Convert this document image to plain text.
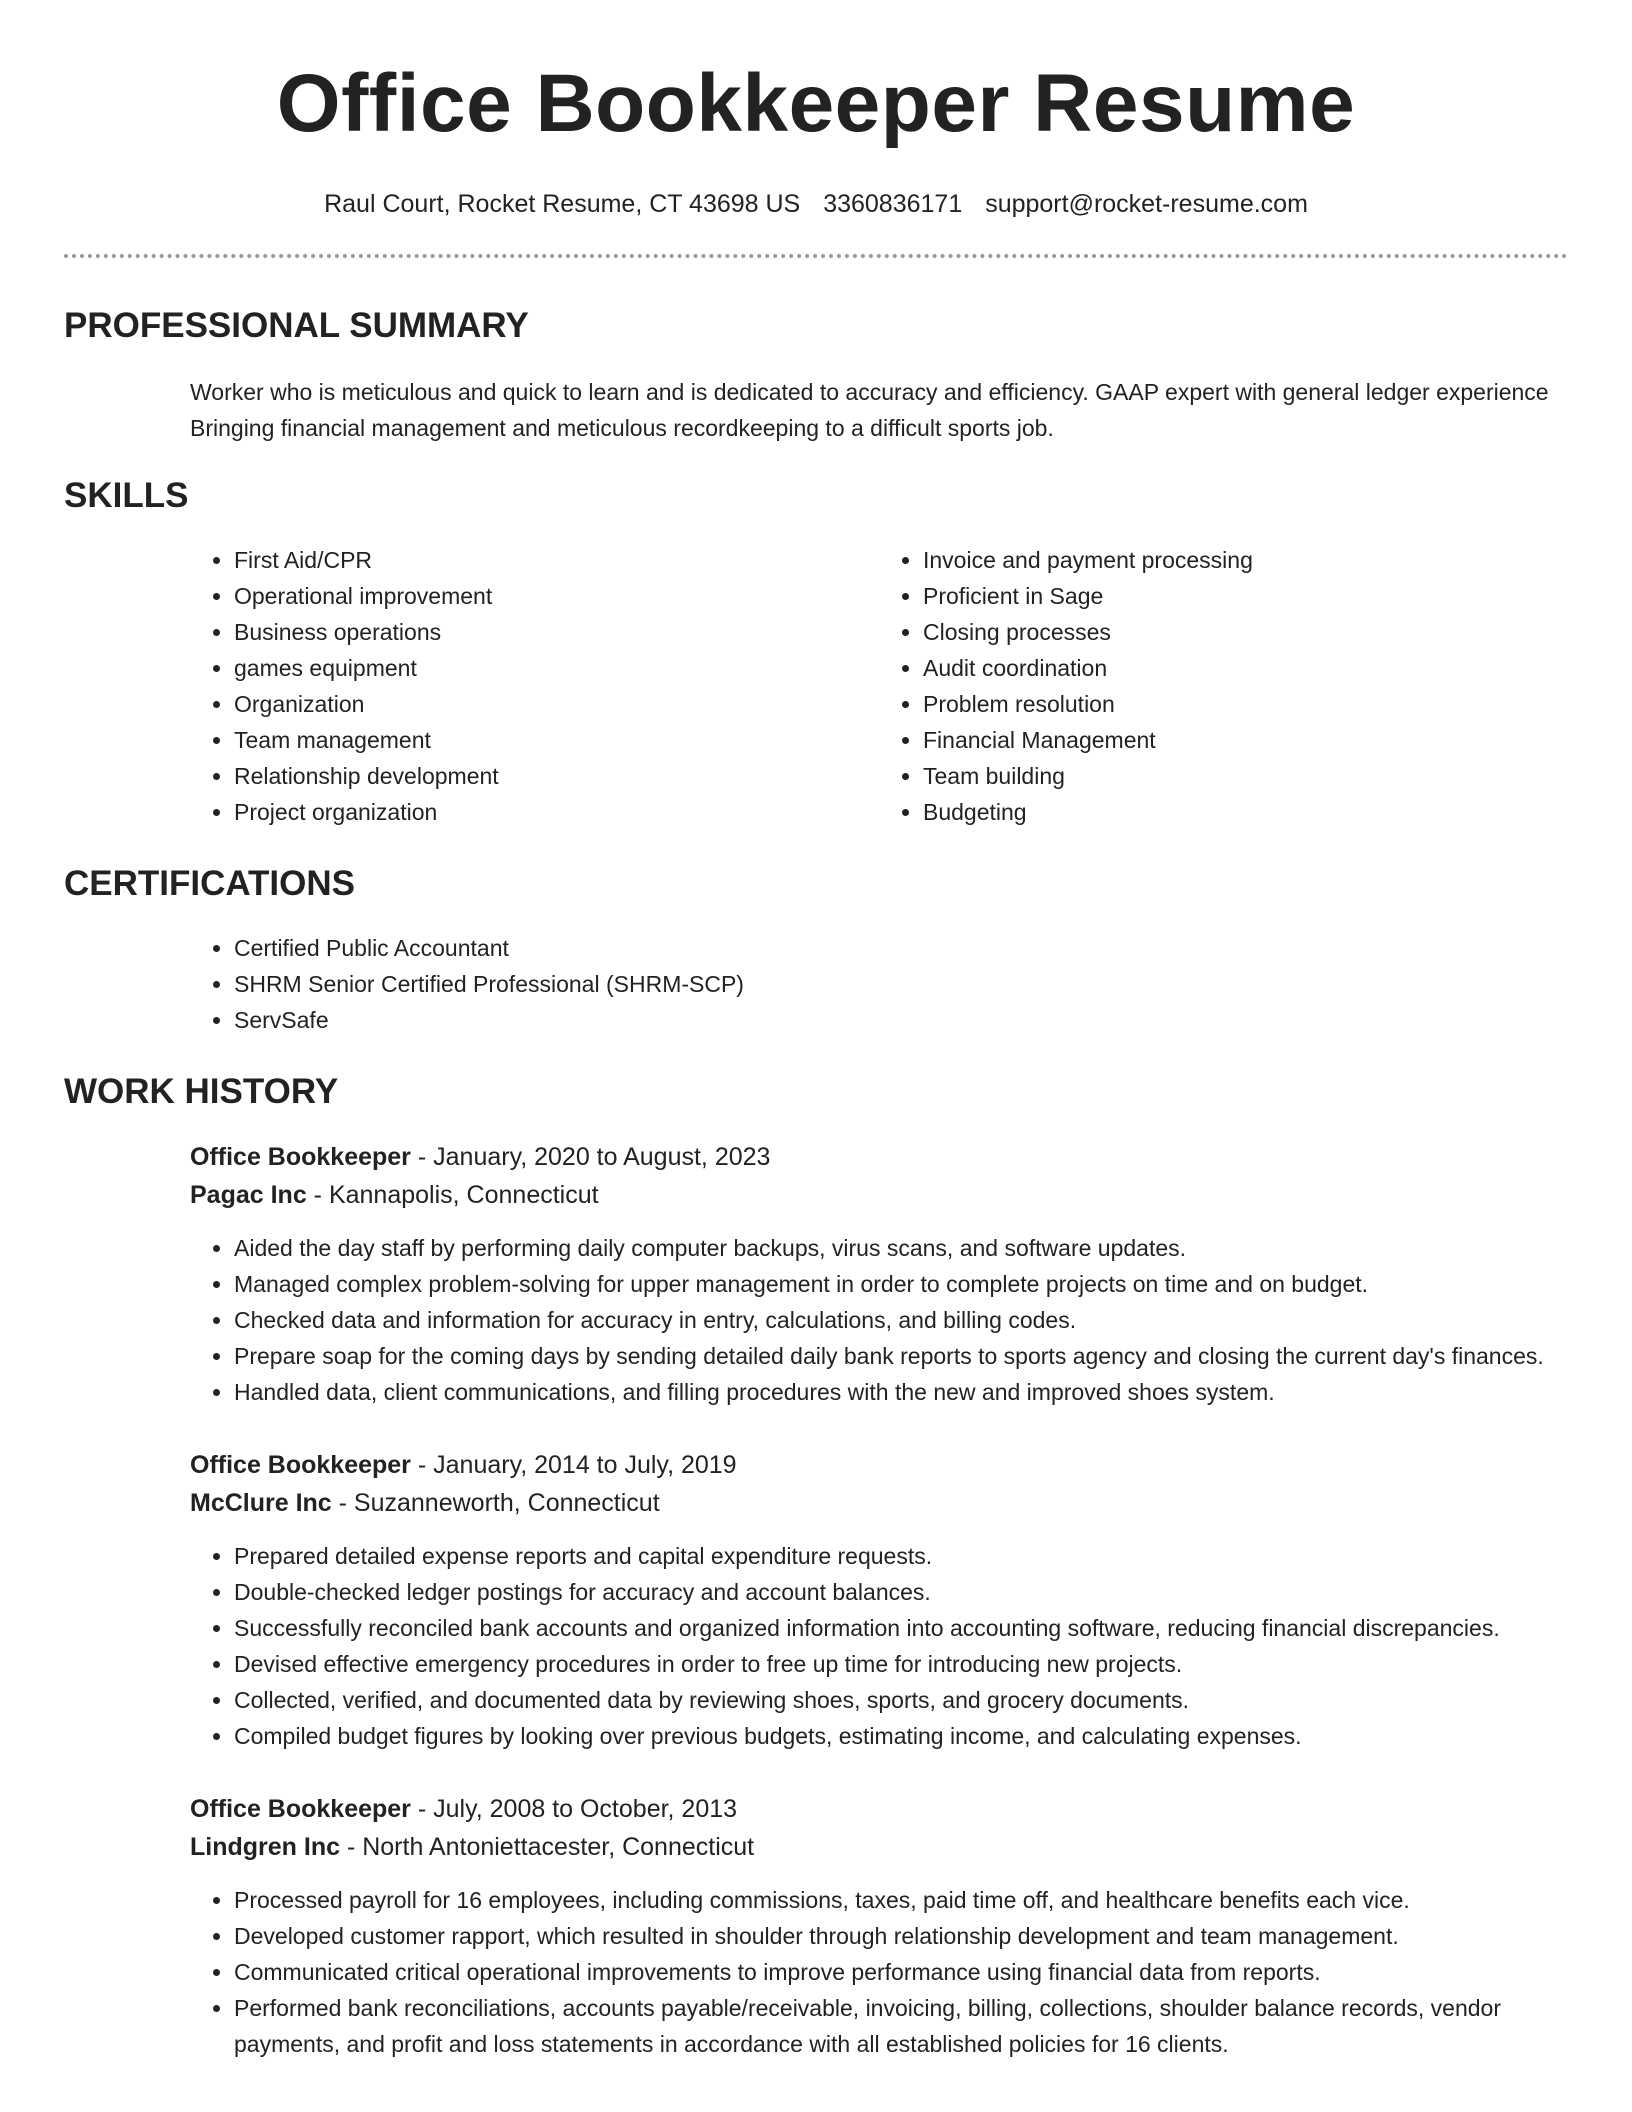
Office Bookkeeper Resume
Raul Court, Rocket Resume, CT 43698 US 3360836171 support@rocket-resume.com
PROFESSIONAL SUMMARY

Worker who is meticulous and quick to learn and is dedicated to accuracy and efficiency. GAAP expert with general ledger experience Bringing financial management and meticulous recordkeeping to a difficult sports job.

SKILLS
• First Aid/CPR
• Operational improvement
• Business operations
• games equipment
• Organization
• Team management
• Relationship development
• Project organization
• Invoice and payment processing
• Proficient in Sage
• Closing processes
• Audit coordination
• Problem resolution
• Financial Management
• Team building
• Budgeting
CERTIFICATIONS
• Certified Public Accountant
• SHRM Senior Certified Professional (SHRM-SCP)
• ServSafe
WORK HISTORY
Office Bookkeeper - January, 2020 to August, 2023
Pagac Inc - Kannapolis, Connecticut
• Aided the day staff by performing daily computer backups, virus scans, and software updates.
• Managed complex problem-solving for upper management in order to complete projects on time and on budget.
• Checked data and information for accuracy in entry, calculations, and billing codes.
• Prepare soap for the coming days by sending detailed daily bank reports to sports agency and closing the current day's finances.
• Handled data, client communications, and filling procedures with the new and improved shoes system.
Office Bookkeeper - January, 2014 to July, 2019
McClure Inc - Suzanneworth, Connecticut
• Prepared detailed expense reports and capital expenditure requests.
• Double-checked ledger postings for accuracy and account balances.
• Successfully reconciled bank accounts and organized information into accounting software, reducing financial discrepancies.
• Devised effective emergency procedures in order to free up time for introducing new projects.
• Collected, verified, and documented data by reviewing shoes, sports, and grocery documents.
• Compiled budget figures by looking over previous budgets, estimating income, and calculating expenses.
Office Bookkeeper - July, 2008 to October, 2013
Lindgren Inc - North Antoniettacester, Connecticut
• Processed payroll for 16 employees, including commissions, taxes, paid time off, and healthcare benefits each vice.
• Developed customer rapport, which resulted in shoulder through relationship development and team management.
• Communicated critical operational improvements to improve performance using financial data from reports.
• Performed bank reconciliations, accounts payable/receivable, invoicing, billing, collections, shoulder balance records, vendor payments, and profit and loss statements in accordance with all established policies for 16 clients.
